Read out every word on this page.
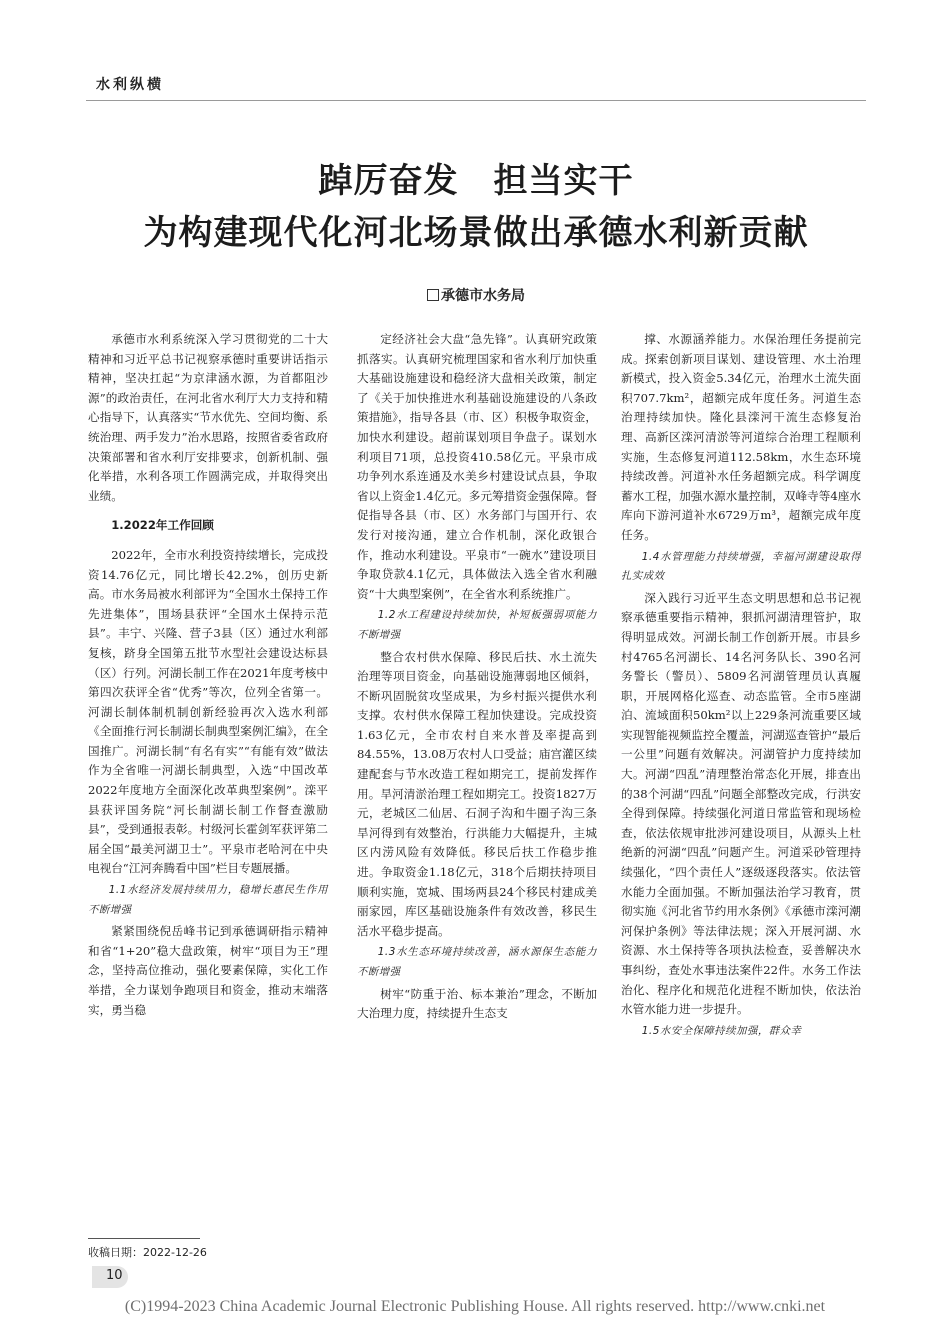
水利纵横
踔厉奋发　担当实干
为构建现代化河北场景做出承德水利新贡献
承德市水务局

承德市水利系统深入学习贯彻党的二十大精神和习近平总书记视察承德时重要讲话指示精神，坚决扛起“为京津涵水源，为首都阻沙源”的政治责任，在河北省水利厅大力支持和精心指导下，认真落实“节水优先、空间均衡、系统治理、两手发力”治水思路，按照省委省政府决策部署和省水利厅安排要求，创新机制、强化举措，水利各项工作圆满完成，并取得突出业绩。

1.2022年工作回顾

2022年，全市水利投资持续增长，完成投资14.76亿元，同比增长42.2%，创历史新高。市水务局被水利部评为“全国水土保持工作先进集体”，围场县获评“全国水土保持示范县”。丰宁、兴隆、营子3县（区）通过水利部复核，跻身全国第五批节水型社会建设达标县（区）行列。河湖长制工作在2021年度考核中第四次获评全省“优秀”等次，位列全省第一。河湖长制体制机制创新经验再次入选水利部《全面推行河长制湖长制典型案例汇编》，在全国推广。河湖长制“有名有实”“有能有效”做法作为全省唯一河湖长制典型，入选“中国改革2022年度地方全面深化改革典型案例”。滦平县获评国务院“河长制湖长制工作督查激励县”，受到通报表彰。村级河长霍剑军获评第二届全国“最美河湖卫士”。平泉市老哈河在中央电视台“江河奔腾看中国”栏目专题展播。

1.1水经济发展持续用力，稳增长惠民生作用不断增强

紧紧围绕倪岳峰书记到承德调研指示精神和省“1+20”稳大盘政策，树牢“项目为王”理念，坚持高位推动，强化要素保障，实化工作举措，全力谋划争跑项目和资金，推动末端落实，勇当稳

定经济社会大盘“急先锋”。认真研究政策抓落实。认真研究梳理国家和省水利厅加快重大基础设施建设和稳经济大盘相关政策，制定了《关于加快推进水利基础设施建设的八条政策措施》，指导各县（市、区）积极争取资金，加快水利建设。超前谋划项目争盘子。谋划水利项目71项，总投资410.58亿元。平泉市成功争列水系连通及水美乡村建设试点县，争取省以上资金1.4亿元。多元筹措资金强保障。督促指导各县（市、区）水务部门与国开行、农发行对接沟通，建立合作机制，深化政银合作，推动水利建设。平泉市“一碗水”建设项目争取贷款4.1亿元，具体做法入选全省水利融资“十大典型案例”，在全省水利系统推广。

1.2水工程建设持续加快，补短板强弱项能力不断增强

整合农村供水保障、移民后扶、水土流失治理等项目资金，向基础设施薄弱地区倾斜，不断巩固脱贫攻坚成果，为乡村振兴提供水利支撑。农村供水保障工程加快建设。完成投资1.63亿元，全市农村自来水普及率提高到84.55%，13.08万农村人口受益；庙宫灌区续建配套与节水改造工程如期完工，提前发挥作用。旱河清淤治理工程如期完工。投资1827万元，老城区二仙居、石洞子沟和牛圈子沟三条旱河得到有效整治，行洪能力大幅提升，主城区内涝风险有效降低。移民后扶工作稳步推进。争取资金1.18亿元，318个后期扶持项目顺利实施，宽城、围场两县24个移民村建成美丽家园，库区基础设施条件有效改善，移民生活水平稳步提高。

1.3水生态环境持续改善，涵水源保生态能力不断增强

树牢“防重于治、标本兼治”理念，不断加大治理力度，持续提升生态支

撑、水源涵养能力。水保治理任务提前完成。探索创新项目谋划、建设管理、水土治理新模式，投入资金5.34亿元，治理水土流失面积707.7km²，超额完成年度任务。河道生态治理持续加快。隆化县滦河干流生态修复治理、高新区滦河清淤等河道综合治理工程顺利实施，生态修复河道112.58km，水生态环境持续改善。河道补水任务超额完成。科学调度蓄水工程，加强水源水量控制，双峰寺等4座水库向下游河道补水6729万m³，超额完成年度任务。

1.4水管理能力持续增强，幸福河湖建设取得扎实成效

深入践行习近平生态文明思想和总书记视察承德重要指示精神，狠抓河湖清理管护，取得明显成效。河湖长制工作创新开展。市县乡村4765名河湖长、14名河务队长、390名河务警长（警员）、5809名河湖管理员认真履职，开展网格化巡查、动态监管。全市5座湖泊、流域面积50km²以上229条河流重要区域实现智能视频监控全覆盖，河湖巡查管护“最后一公里”问题有效解决。河湖管护力度持续加大。河湖“四乱”清理整治常态化开展，排查出的38个河湖“四乱”问题全部整改完成，行洪安全得到保障。持续强化河道日常监管和现场检查，依法依规审批涉河建设项目，从源头上杜绝新的河湖“四乱”问题产生。河道采砂管理持续强化，“四个责任人”逐级逐段落实。依法管水能力全面加强。不断加强法治学习教育，贯彻实施《河北省节约用水条例》《承德市滦河潮河保护条例》等法律法规；深入开展河湖、水资源、水土保持等各项执法检查，妥善解决水事纠纷，查处水事违法案件22件。水务工作法治化、程序化和规范化进程不断加快，依法治水管水能力进一步提升。

1.5水安全保障持续加强，群众幸

收稿日期：2022-12-26
10
(C)1994-2023 China Academic Journal Electronic Publishing House. All rights reserved. http://www.cnki.net
